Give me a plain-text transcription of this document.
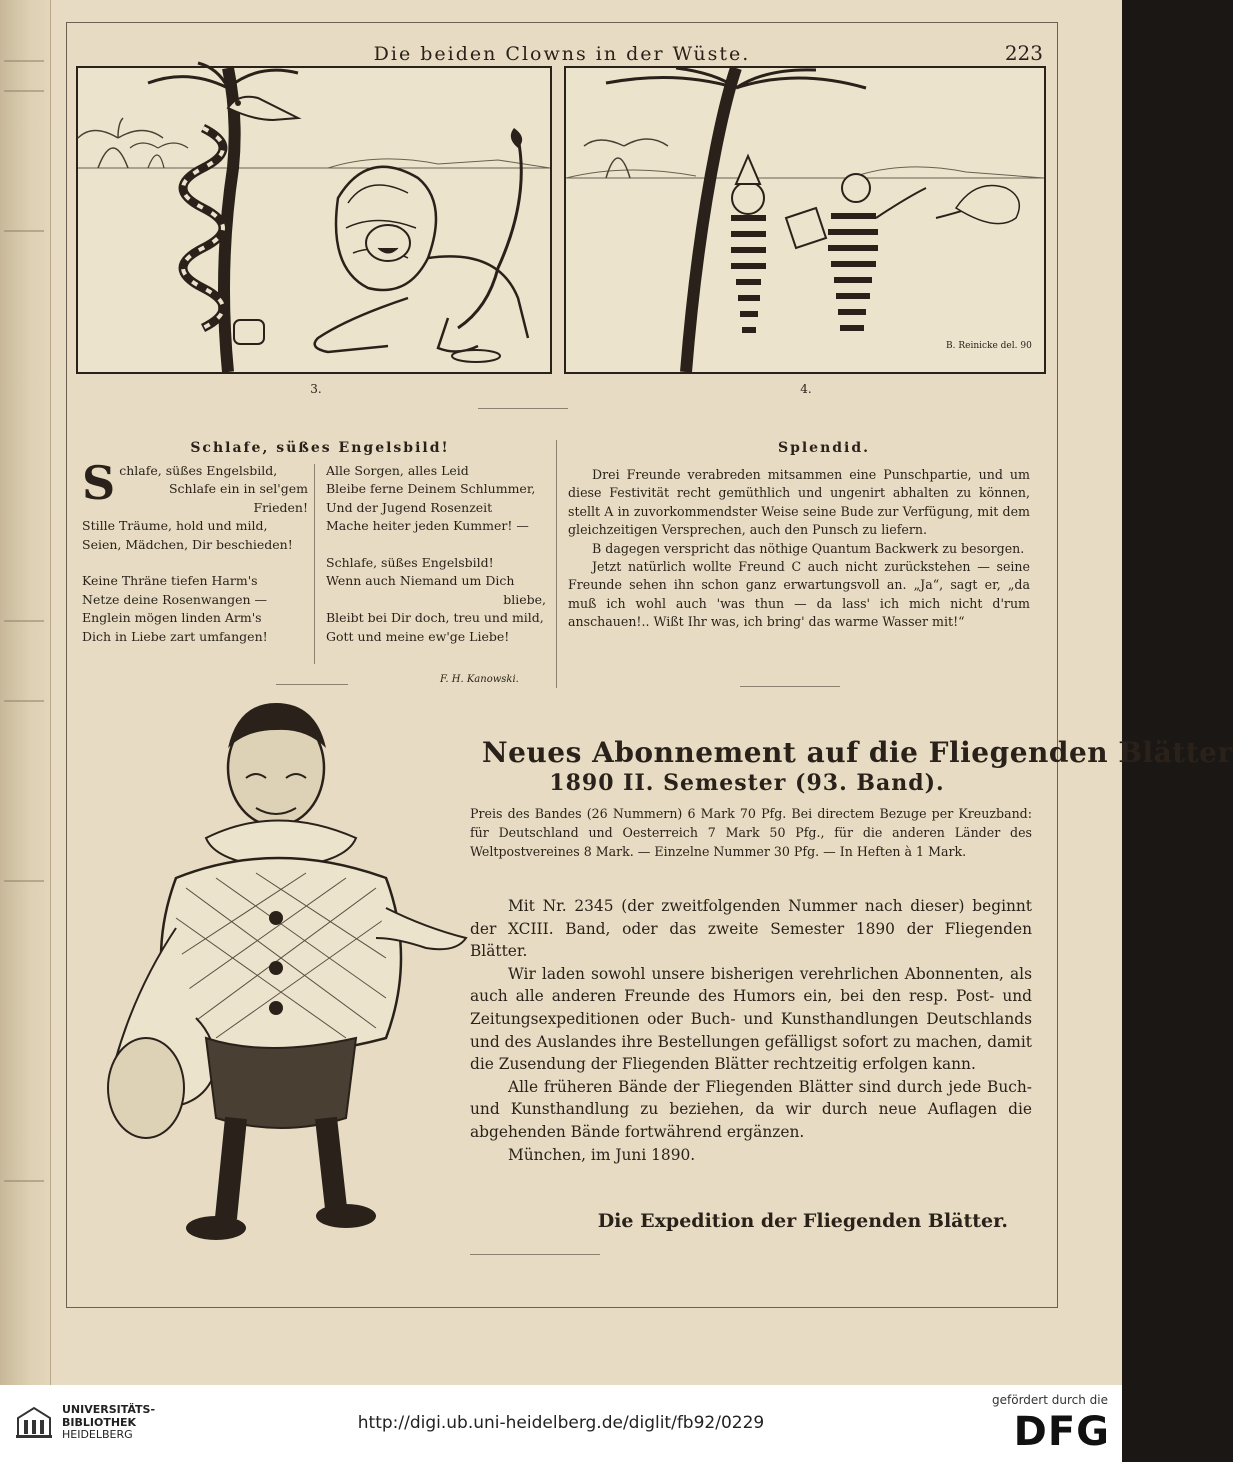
Die beiden Clowns in der Wüste.	223
3.
B. Reinicke del. 90
4.
Schlafe, süßes Engelsbild!
S chlafe, süßes Engelsbild,
Schlafe ein in sel'gem
Frieden!
Stille Träume, hold und mild,
Seien, Mädchen, Dir beschieden!

Keine Thräne tiefen Harm's
Netze deine Rosenwangen —
Englein mögen linden Arm's
Dich in Liebe zart umfangen!
Alle Sorgen, alles Leid
Bleibe ferne Deinem Schlummer,
Und der Jugend Rosenzeit
Mache heiter jeden Kummer! —

Schlafe, süßes Engelsbild!
Wenn auch Niemand um Dich
bliebe,
Bleibt bei Dir doch, treu und mild,
Gott und meine ew'ge Liebe!
F. H. Kanowski.
Splendid.

Drei Freunde verabreden mitsammen eine Punschpartie, und um diese Festivität recht gemüthlich und ungenirt abhalten zu können, stellt A in zuvorkommendster Weise seine Bude zur Verfügung, mit dem gleichzeitigen Versprechen, auch den Punsch zu liefern.

B dagegen verspricht das nöthige Quantum Backwerk zu besorgen.

Jetzt natürlich wollte Freund C auch nicht zurückstehen — seine Freunde sehen ihn schon ganz erwartungsvoll an. „Ja“, sagt er, „da muß ich wohl auch 'was thun — da lass' ich mich nicht d'rum anschauen!.. Wißt Ihr was, ich bring' das warme Wasser mit!“

Neues Abonnement auf die Fliegenden Blätter
1890 II. Semester (93. Band).
Preis des Bandes (26 Nummern) 6 Mark 70 Pfg. Bei directem Bezuge per Kreuzband: für Deutschland und Oesterreich 7 Mark 50 Pfg., für die anderen Länder des Weltpostvereines 8 Mark. — Einzelne Nummer 30 Pfg. — In Heften à 1 Mark.

Mit Nr. 2345 (der zweitfolgenden Nummer nach dieser) beginnt der XCIII. Band, oder das zweite Semester 1890 der Fliegenden Blätter.

Wir laden sowohl unsere bisherigen verehrlichen Abonnenten, als auch alle anderen Freunde des Humors ein, bei den resp. Post- und Zeitungsexpeditionen oder Buch- und Kunsthandlungen Deutschlands und des Auslandes ihre Bestellungen gefälligst sofort zu machen, damit die Zusendung der Fliegenden Blätter rechtzeitig erfolgen kann.

Alle früheren Bände der Fliegenden Blätter sind durch jede Buch- und Kunsthandlung zu beziehen, da wir durch neue Auflagen die abgehenden Bände fortwährend ergänzen.

München, im Juni 1890.

Die Expedition der Fliegenden Blätter.
UNIVERSITÄTS-
BIBLIOTHEK
HEIDELBERG
http://digi.ub.uni-heidelberg.de/diglit/fb92/0229
gefördert durch die
DFG
